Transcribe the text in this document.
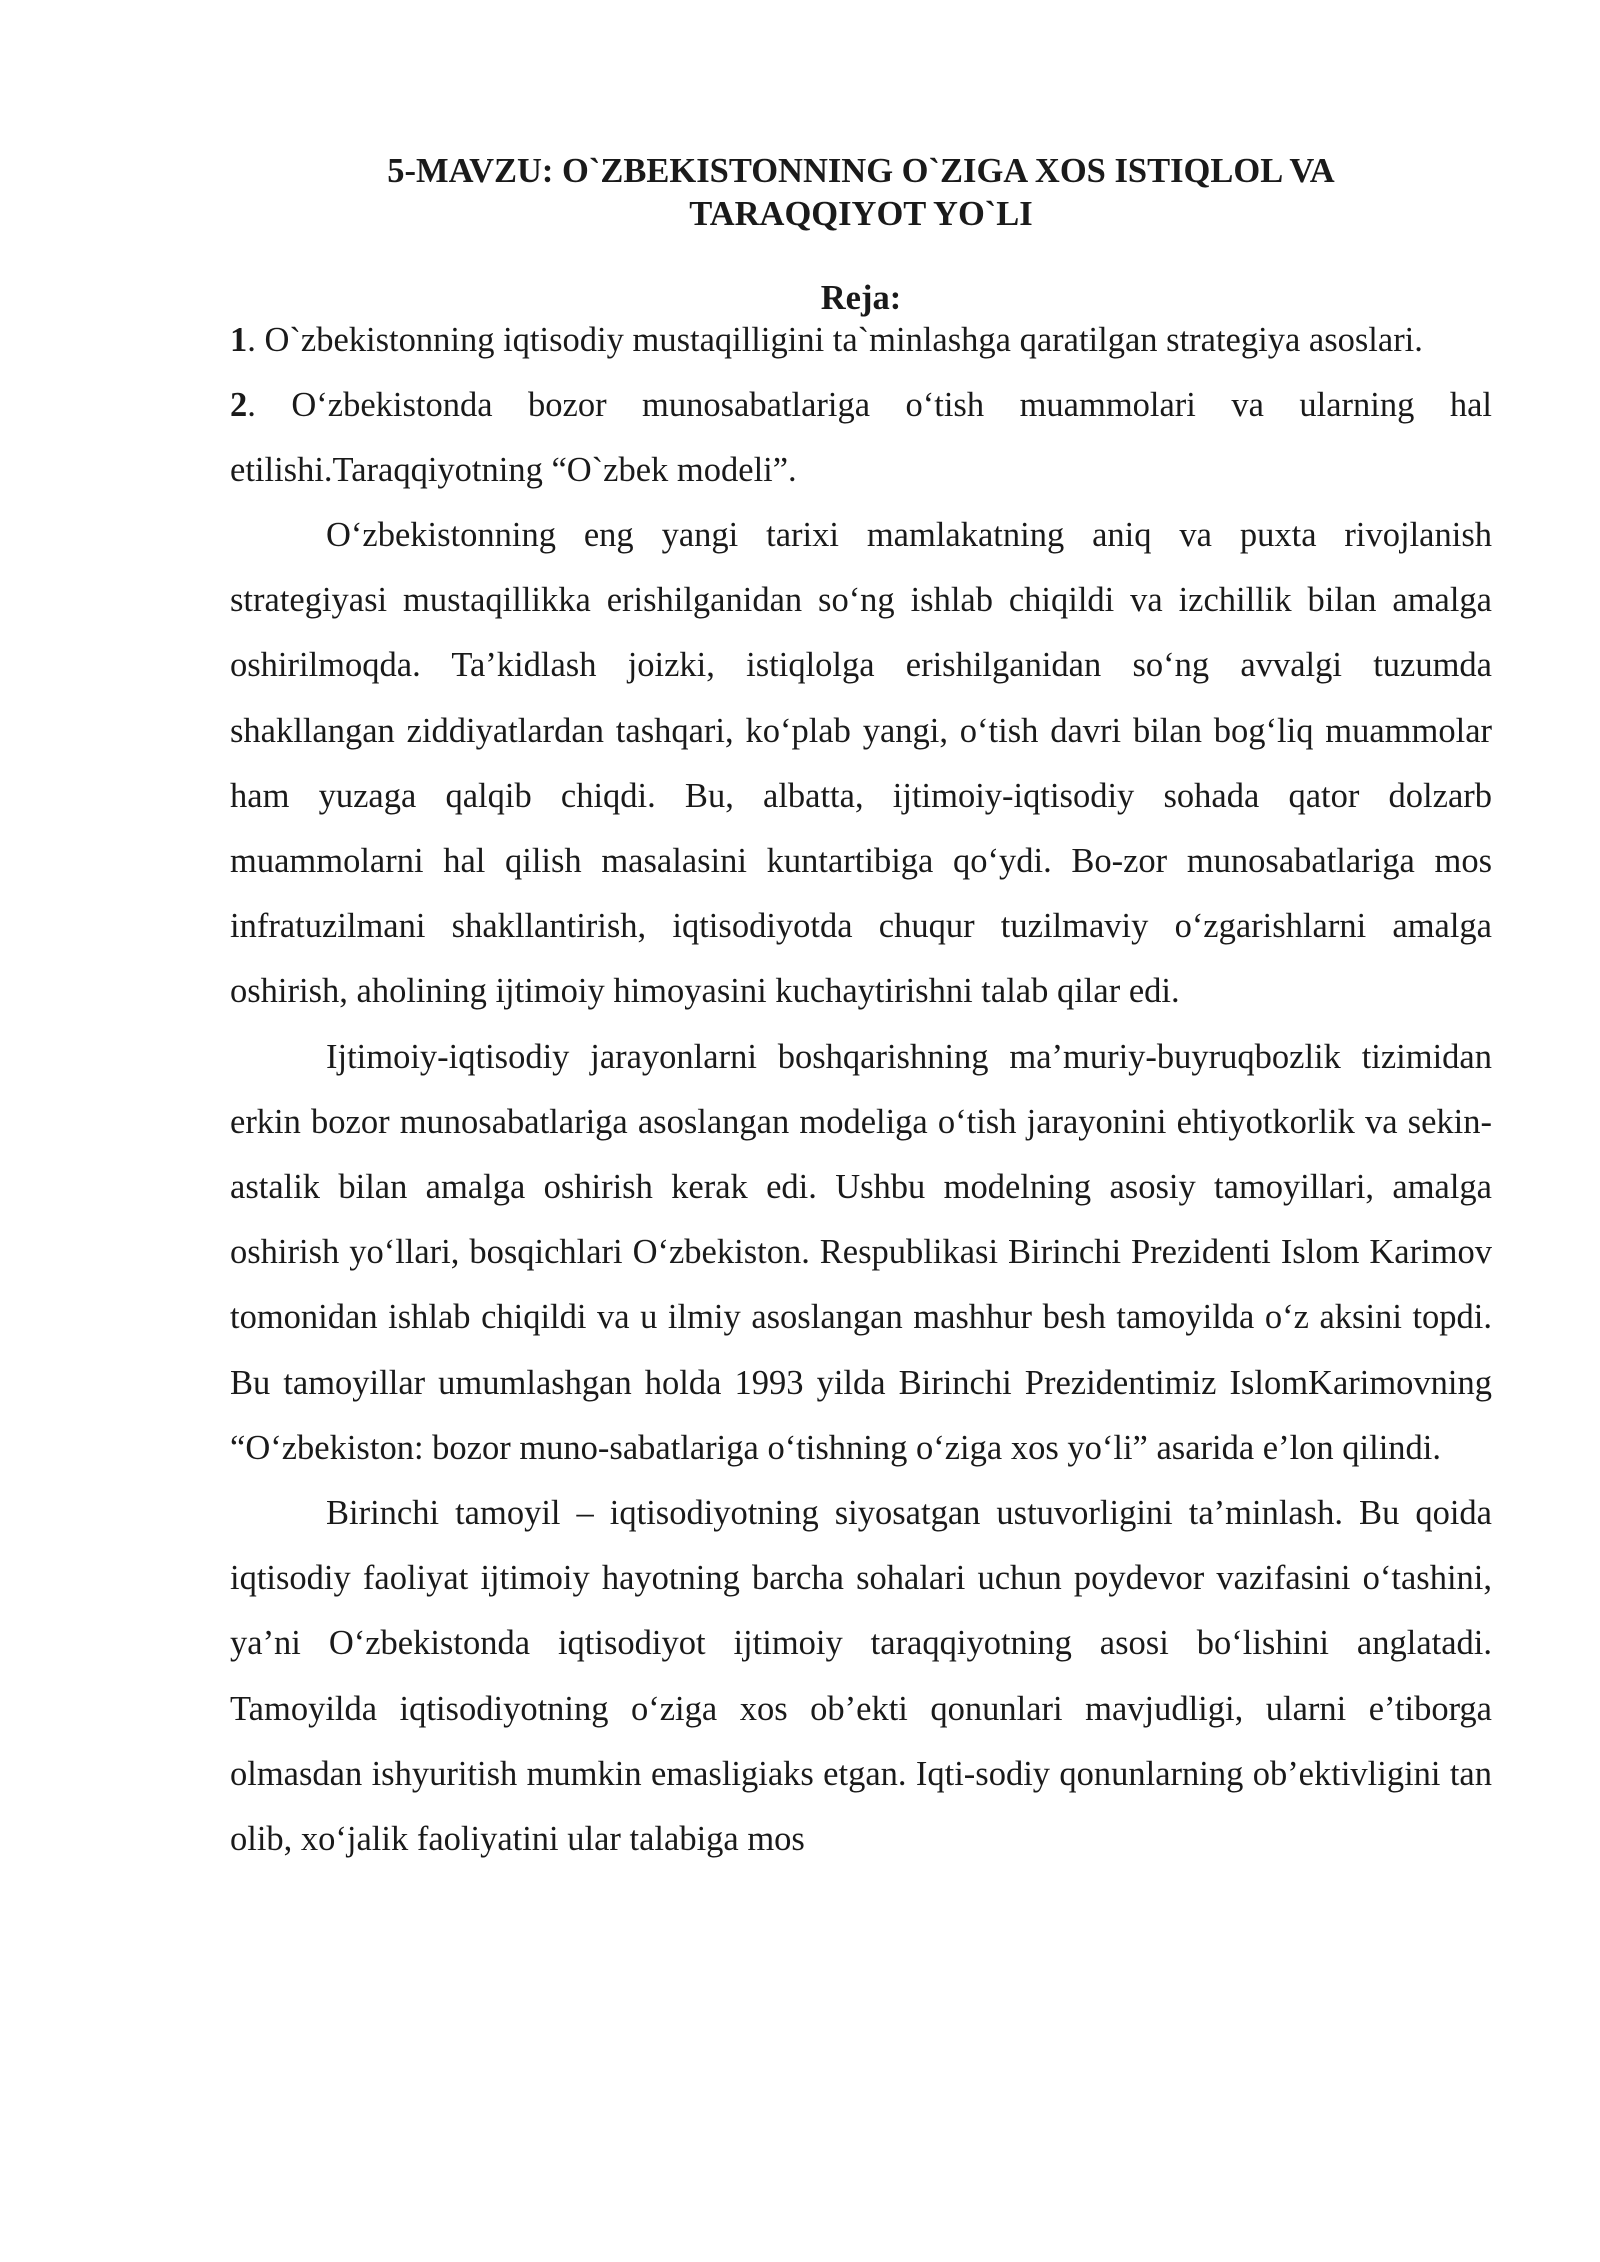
5-MAVZU: O`ZBEKISTONNING O`ZIGA XOS ISTIQLOL VA
TARAQQIYOT YO`LI
Reja:

1. O`zbekistonning iqtisodiy mustaqilligini ta`minlashga qaratilgan strategiya asoslari.

2. O‘zbekistonda bozor munosabatlariga o‘tish muammolari va ularning hal etilishi.Taraqqiyotning “O`zbek modeli”.

O‘zbekistonning eng yangi tarixi mamlakatning aniq va puxta rivojlanish strategiyasi mustaqillikka erishilganidan so‘ng ishlab chiqildi va izchillik bilan amalga oshirilmoqda. Ta’kidlash joizki, istiqlolga erishilganidan so‘ng avvalgi tuzumda shakllangan ziddiyatlardan tashqari, ko‘plab yangi, o‘tish davri bilan bog‘liq muammolar ham yuzaga qalqib chiqdi. Bu, albatta, ijtimoiy-iqtisodiy sohada qator dolzarb muammolarni hal qilish masalasini kuntartibiga qo‘ydi. Bo-zor munosabatlariga mos infratuzilmani shakllantirish, iqtisodiyotda chuqur tuzilmaviy o‘zgarishlarni amalga oshirish, aholining ijtimoiy himoyasini kuchaytirishni talab qilar edi.

Ijtimoiy-iqtisodiy jarayonlarni boshqarishning ma’muriy-buyruqbozlik tizimidan erkin bozor munosabatlariga asoslangan modeliga o‘tish jarayonini ehtiyotkorlik va sekin-astalik bilan amalga oshirish kerak edi. Ushbu modelning asosiy tamoyillari, amalga oshirish yo‘llari, bosqichlari O‘zbekiston. Respublikasi Birinchi Prezidenti Islom Karimov tomonidan ishlab chiqildi va u ilmiy asoslangan mashhur besh tamoyilda o‘z aksini topdi. Bu tamoyillar umumlashgan holda 1993 yilda Birinchi Prezidentimiz IslomKarimovning “O‘zbekiston: bozor muno-sabatlariga o‘tishning o‘ziga xos yo‘li” asarida e’lon qilindi.

Birinchi tamoyil – iqtisodiyotning siyosatgan ustuvorligini ta’minlash. Bu qoida iqtisodiy faoliyat ijtimoiy hayotning barcha sohalari uchun poydevor vazifasini o‘tashini, ya’ni O‘zbekistonda iqtisodiyot ijtimoiy taraqqiyotning asosi bo‘lishini anglatadi. Tamoyilda iqtisodiyotning o‘ziga xos ob’ekti qonunlari mavjudligi, ularni e’tiborga olmasdan ishyuritish mumkin emasligiaks etgan. Iqti-sodiy qonunlarning ob’ektivligini tan olib, xo‘jalik faoliyatini ular talabiga mos
